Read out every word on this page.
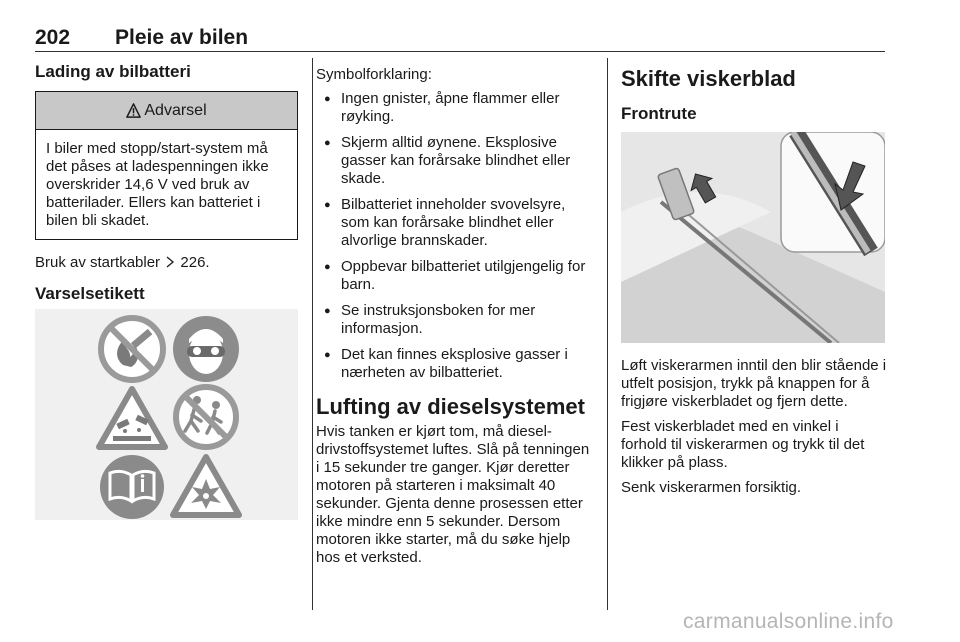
202 Pleie av bilen
Lading av bilbatteri
Advarsel
I biler med stopp/start-system må det påses at ladespenningen ikke overskrider 14,6 V ved bruk av batterilader. Ellers kan batteriet i bilen bli skadet.

Bruk av startkabler 226.

Varselsetikett

Symbolforklaring:

● Ingen gnister, åpne flammer eller røyking.
● Skjerm alltid øynene. Eksplosive gasser kan forårsake blindhet eller skade.
● Bilbatteriet inneholder svovelsyre, som kan forårsake blindhet eller alvorlige brannskader.
● Oppbevar bilbatteriet utilgjengelig for barn.
● Se instruksjonsboken for mer informasjon.
● Det kan finnes eksplosive gasser i nærheten av bilbatteriet.
Lufting av dieselsystemet

Hvis tanken er kjørt tom, må dieseldrivstoffsystemet luftes. Slå på tenningen i 15 sekunder tre ganger. Kjør deretter motoren på starteren i maksimalt 40 sekunder. Gjenta denne prosessen etter ikke mindre enn 5 sekunder. Dersom motoren ikke starter, må du søke hjelp hos et verksted.

Skifte viskerblad
Frontrute

Løft viskerarmen inntil den blir stående i utfelt posisjon, trykk på knappen for å frigjøre viskerbladet og fjern dette.

Fest viskerbladet med en vinkel i forhold til viskerarmen og trykk til det klikker på plass.

Senk viskerarmen forsiktig.

carmanualsonline.info
